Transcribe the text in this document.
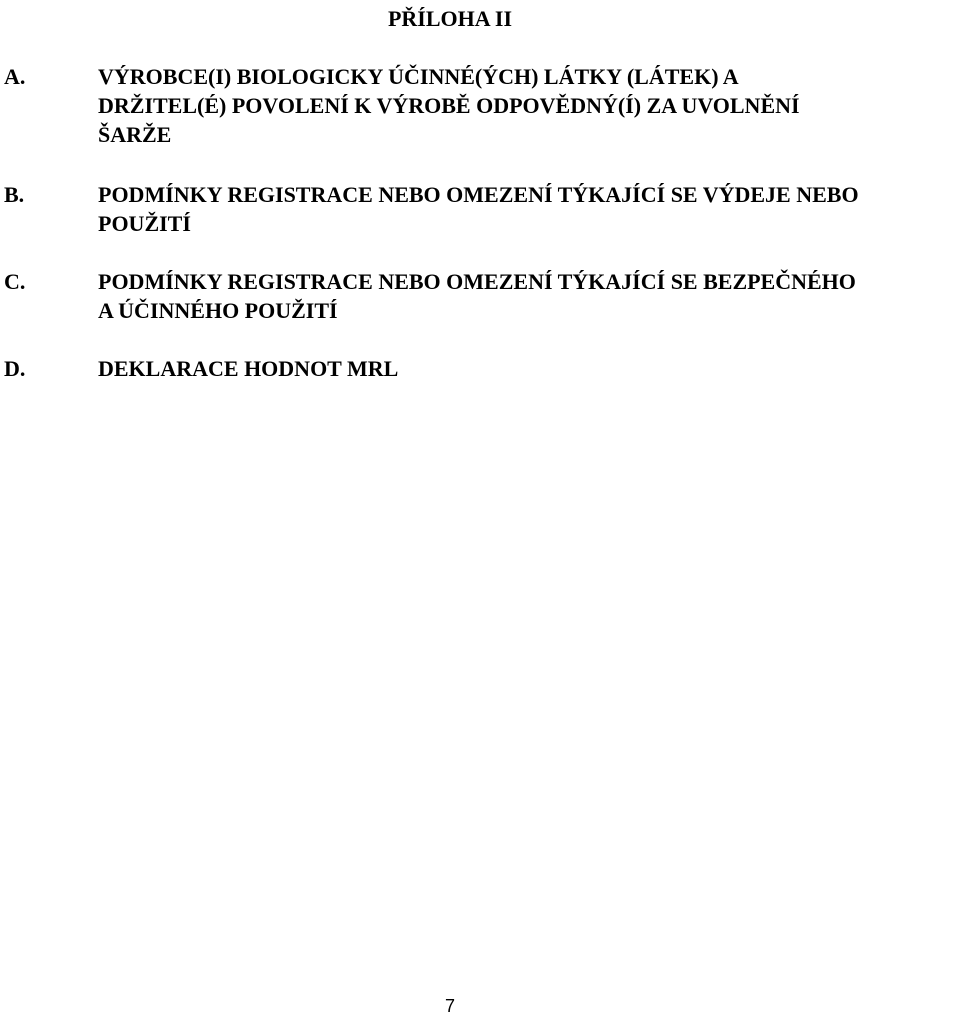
PŘÍLOHA II
A.	VÝROBCE(I) BIOLOGICKY ÚČINNÉ(ÝCH) LÁTKY (LÁTEK) A
DRŽITEL(É) POVOLENÍ K VÝROBĚ ODPOVĚDNÝ(Í) ZA UVOLNĚNÍ
ŠARŽE
B.	PODMÍNKY REGISTRACE NEBO OMEZENÍ TÝKAJÍCÍ SE VÝDEJE NEBO
POUŽITÍ
C.	PODMÍNKY REGISTRACE NEBO OMEZENÍ TÝKAJÍCÍ SE BEZPEČNÉHO
A ÚČINNÉHO POUŽITÍ
D.	DEKLARACE HODNOT MRL
7
